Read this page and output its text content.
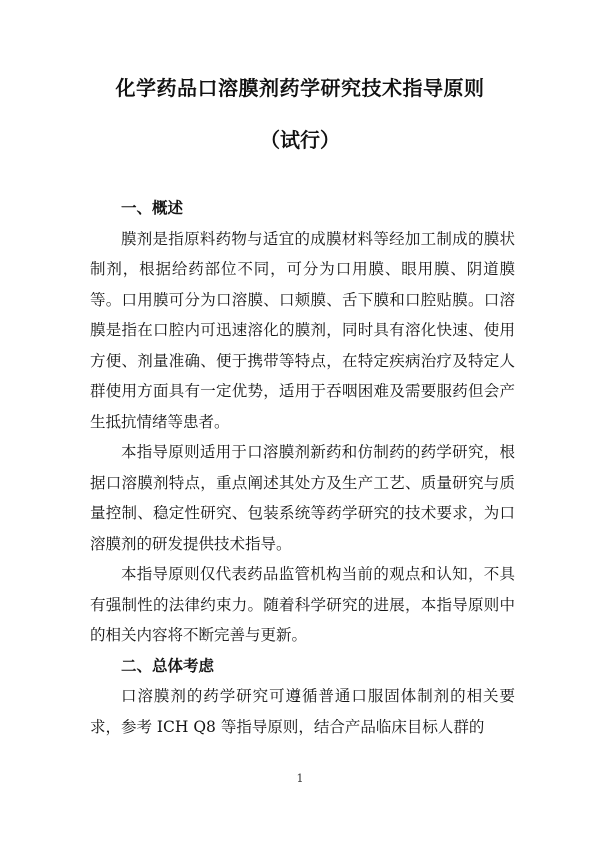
化学药品口溶膜剂药学研究技术指导原则
（试行）
一、概述

膜剂是指原料药物与适宜的成膜材料等经加工制成的膜状制剂，根据给药部位不同，可分为口用膜、眼用膜、阴道膜等。口用膜可分为口溶膜、口颊膜、舌下膜和口腔贴膜。口溶膜是指在口腔内可迅速溶化的膜剂，同时具有溶化快速、使用方便、剂量准确、便于携带等特点，在特定疾病治疗及特定人群使用方面具有一定优势，适用于吞咽困难及需要服药但会产生抵抗情绪等患者。

本指导原则适用于口溶膜剂新药和仿制药的药学研究，根据口溶膜剂特点，重点阐述其处方及生产工艺、质量研究与质量控制、稳定性研究、包装系统等药学研究的技术要求，为口溶膜剂的研发提供技术指导。

本指导原则仅代表药品监管机构当前的观点和认知，不具有强制性的法律约束力。随着科学研究的进展，本指导原则中的相关内容将不断完善与更新。

二、总体考虑

口溶膜剂的药学研究可遵循普通口服固体制剂的相关要求，参考 ICH Q8 等指导原则，结合产品临床目标人群的

1
